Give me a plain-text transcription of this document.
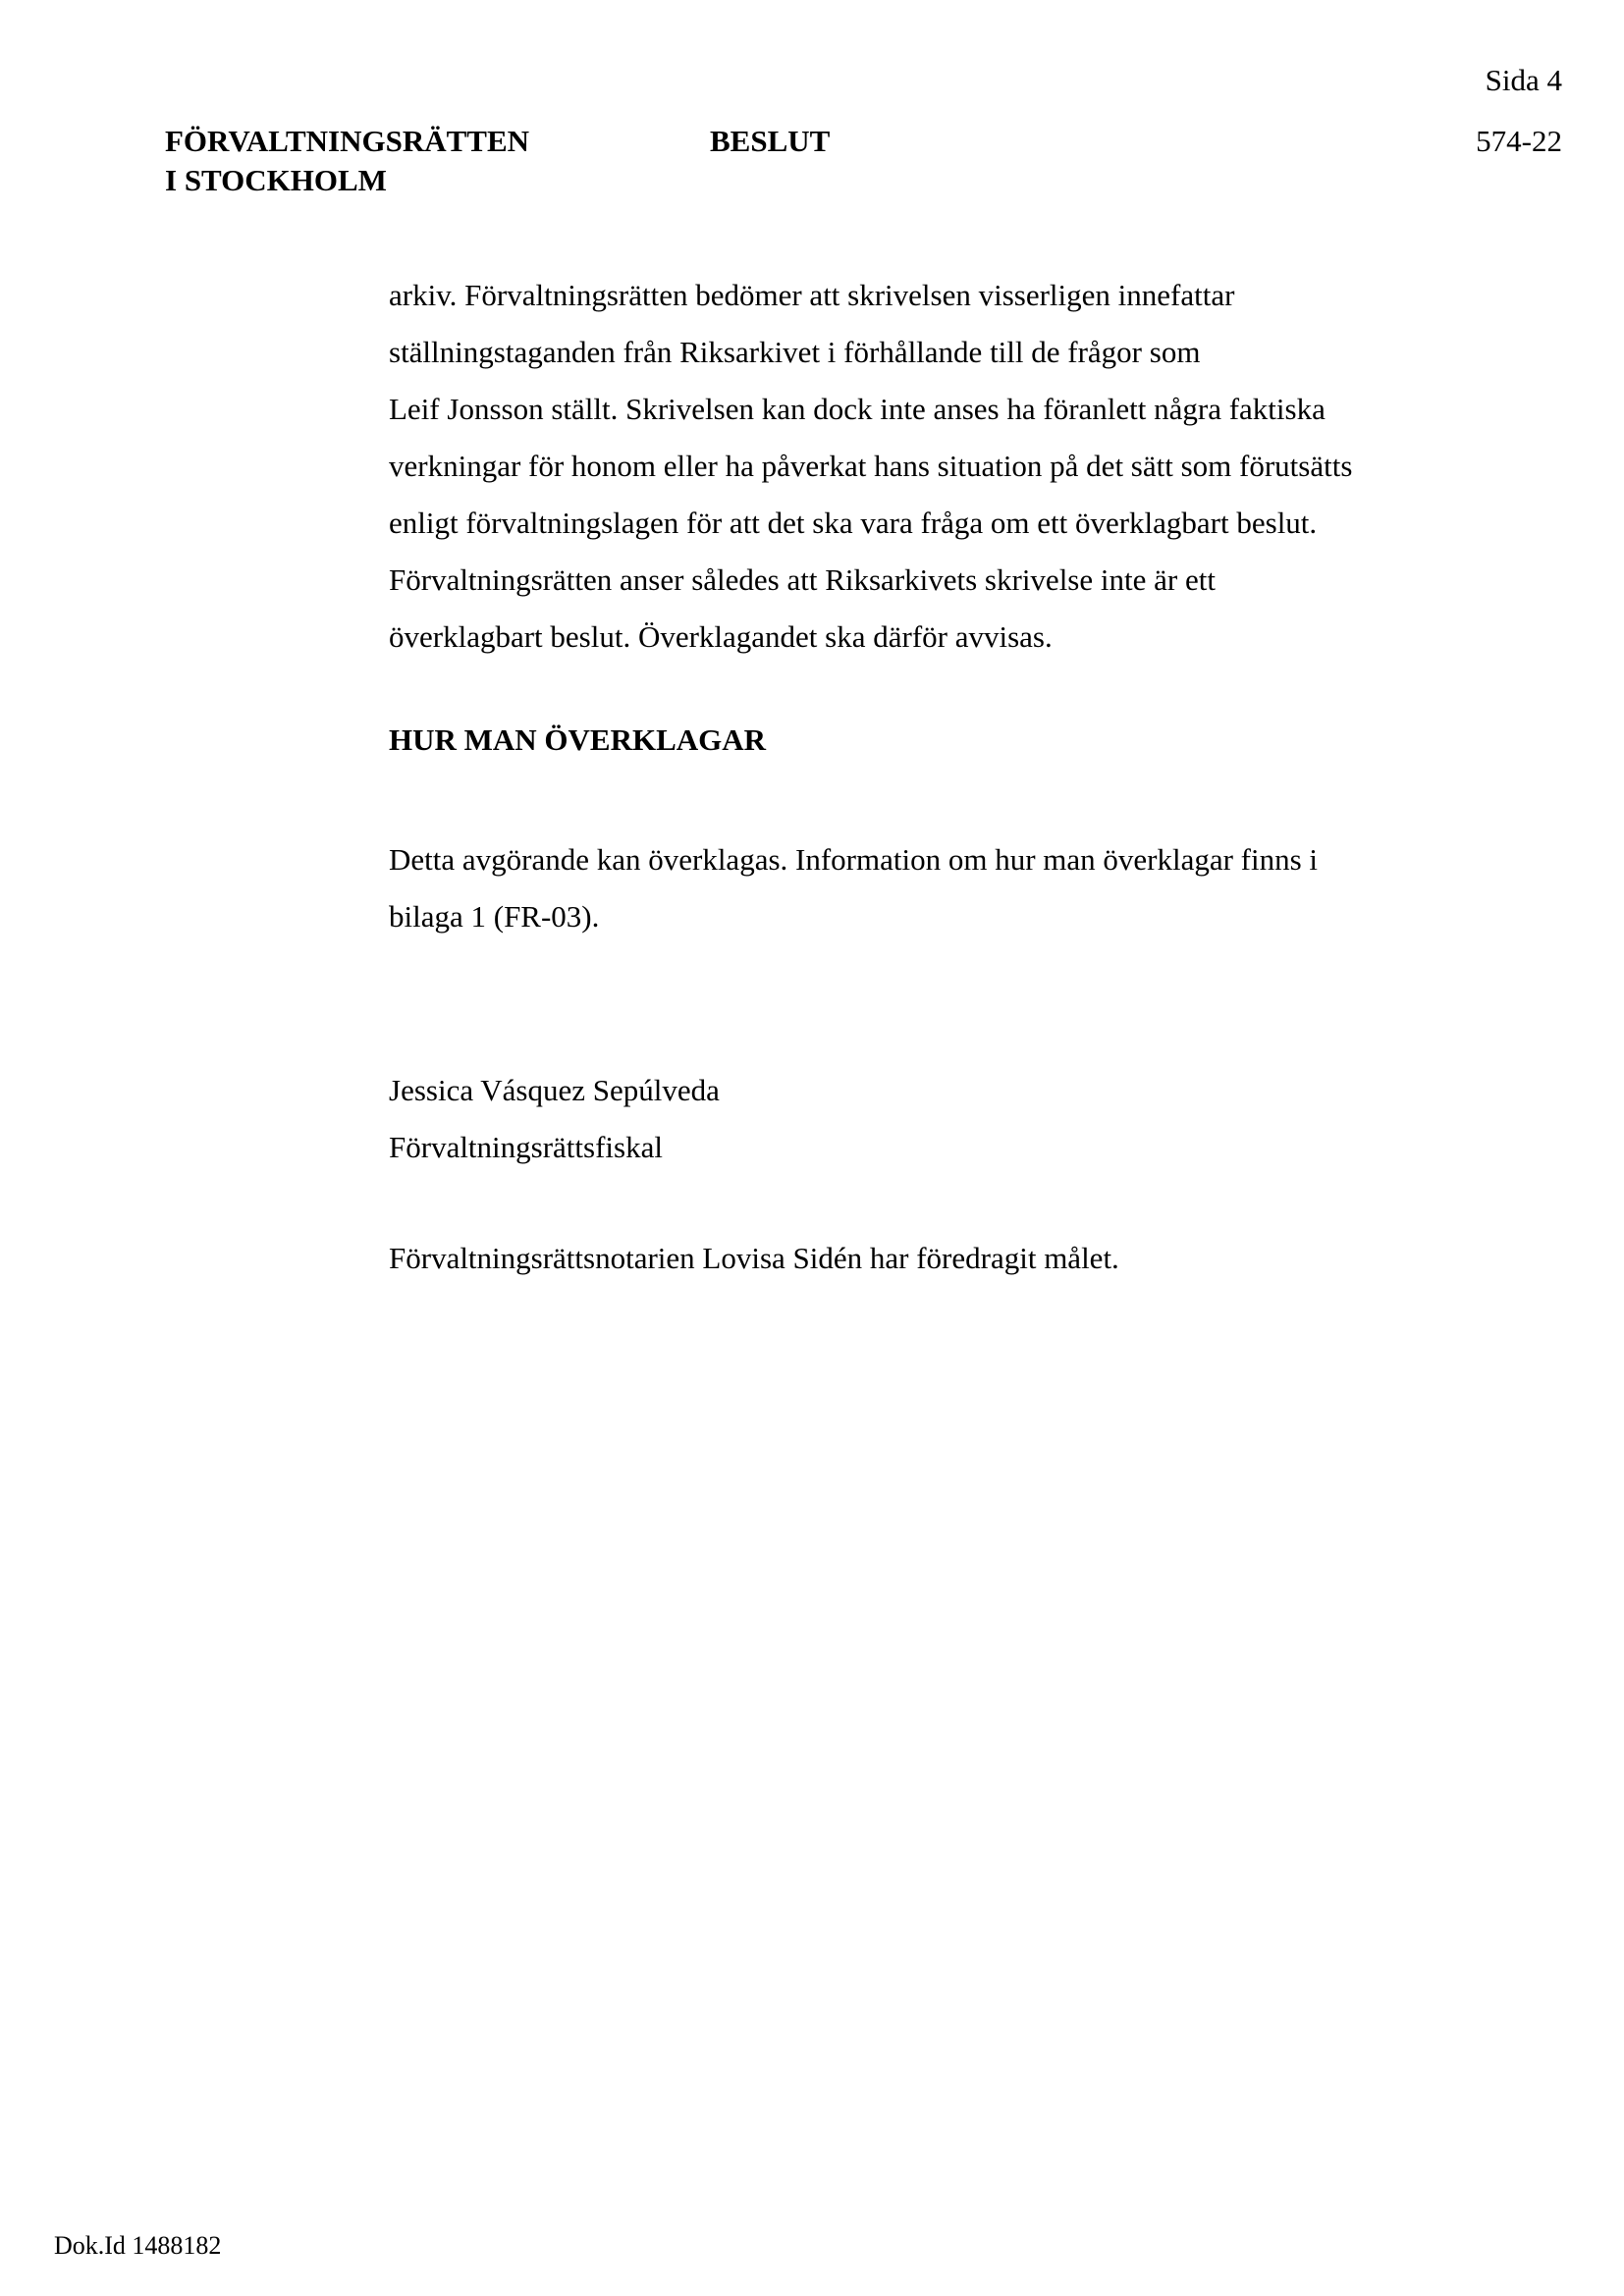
FÖRVALTNINGSRÄTTEN
I STOCKHOLM
BESLUT
Sida 4
574-22
arkiv. Förvaltningsrätten bedömer att skrivelsen visserligen innefattar
ställningstaganden från Riksarkivet i förhållande till de frågor som
Leif Jonsson ställt. Skrivelsen kan dock inte anses ha föranlett några faktiska
verkningar för honom eller ha påverkat hans situation på det sätt som förutsätts
enligt förvaltningslagen för att det ska vara fråga om ett överklagbart beslut.
Förvaltningsrätten anser således att Riksarkivets skrivelse inte är ett
överklagbart beslut. Överklagandet ska därför avvisas.
HUR MAN ÖVERKLAGAR
Detta avgörande kan överklagas. Information om hur man överklagar finns i
bilaga 1 (FR-03).
Jessica Vásquez Sepúlveda
Förvaltningsrättsfiskal
Förvaltningsrättsnotarien Lovisa Sidén har föredragit målet.
Dok.Id 1488182
